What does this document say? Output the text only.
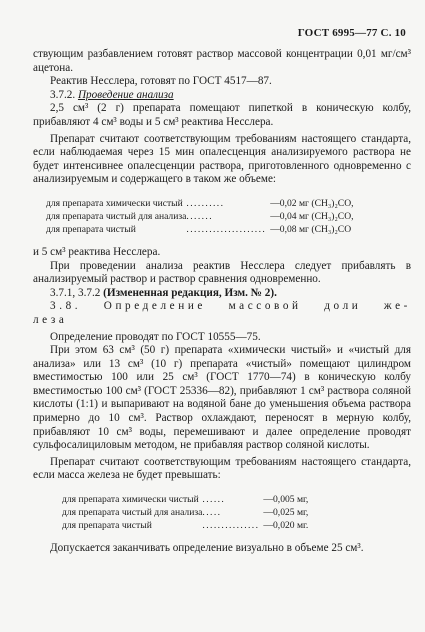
ГОСТ 6995—77 С. 10

ствующим разбавлением готовят раствор массовой концентрации 0,01 мг/см³ ацетона.

Реактив Несслера, готовят по ГОСТ 4517—87.

3.7.2. Проведение анализа

2,5 см³ (2 г) препарата помещают пипеткой в коническую колбу, прибавляют 4 см³ воды и 5 см³ реактива Несслера.

Препарат считают соответствующим требованиям настоящего стандарта, если наблюдаемая через 15 мин опалесценция анализируемого раствора не будет интенсивнее опалесценции раствора, приготовленного одновременно с анализируемым и содержащего в таком же объеме:

для препарата химически чистый	..........	—0,02 мг (CH₃)₂CO,
для препарата чистый для анализа	.......	—0,04 мг (CH₃)₂CO,
для препарата чистый	.....................	—0,08 мг (CH₃)₂CO

и 5 см³ реактива Несслера.

При проведении анализа реактив Несслера следует прибавлять в анализируемый раствор и раствор сравнения одновременно.

3.7.1, 3.7.2 (Измененная редакция, Изм. № 2).

3.8. Определение массовой доли же-

леза

Определение проводят по ГОСТ 10555—75.

При этом 63 см³ (50 г) препарата «химически чистый» и «чистый для анализа» или 13 см³ (10 г) препарата «чистый» помещают цилиндром вместимостью 100 или 25 см³ (ГОСТ 1770—74) в коническую колбу вместимостью 100 см³ (ГОСТ 25336—82), прибавляют 1 см³ раствора соляной кислоты (1:1) и выпаривают на водяной бане до уменьшения объема раствора примерно до 10 см³. Раствор охлаждают, переносят в мерную колбу, прибавляют 10 см³ воды, перемешивают и далее определение проводят сульфосалициловым методом, не прибавляя раствор соляной кислоты.

Препарат считают соответствующим требованиям настоящего стандарта, если масса железа не будет превышать:

для препарата химически чистый	......	—0,005 мг,
для препарата чистый для анализа	.....	—0,025 мг,
для препарата чистый	...............	—0,020 мг.

Допускается заканчивать определение визуально в объеме 25 см³.
